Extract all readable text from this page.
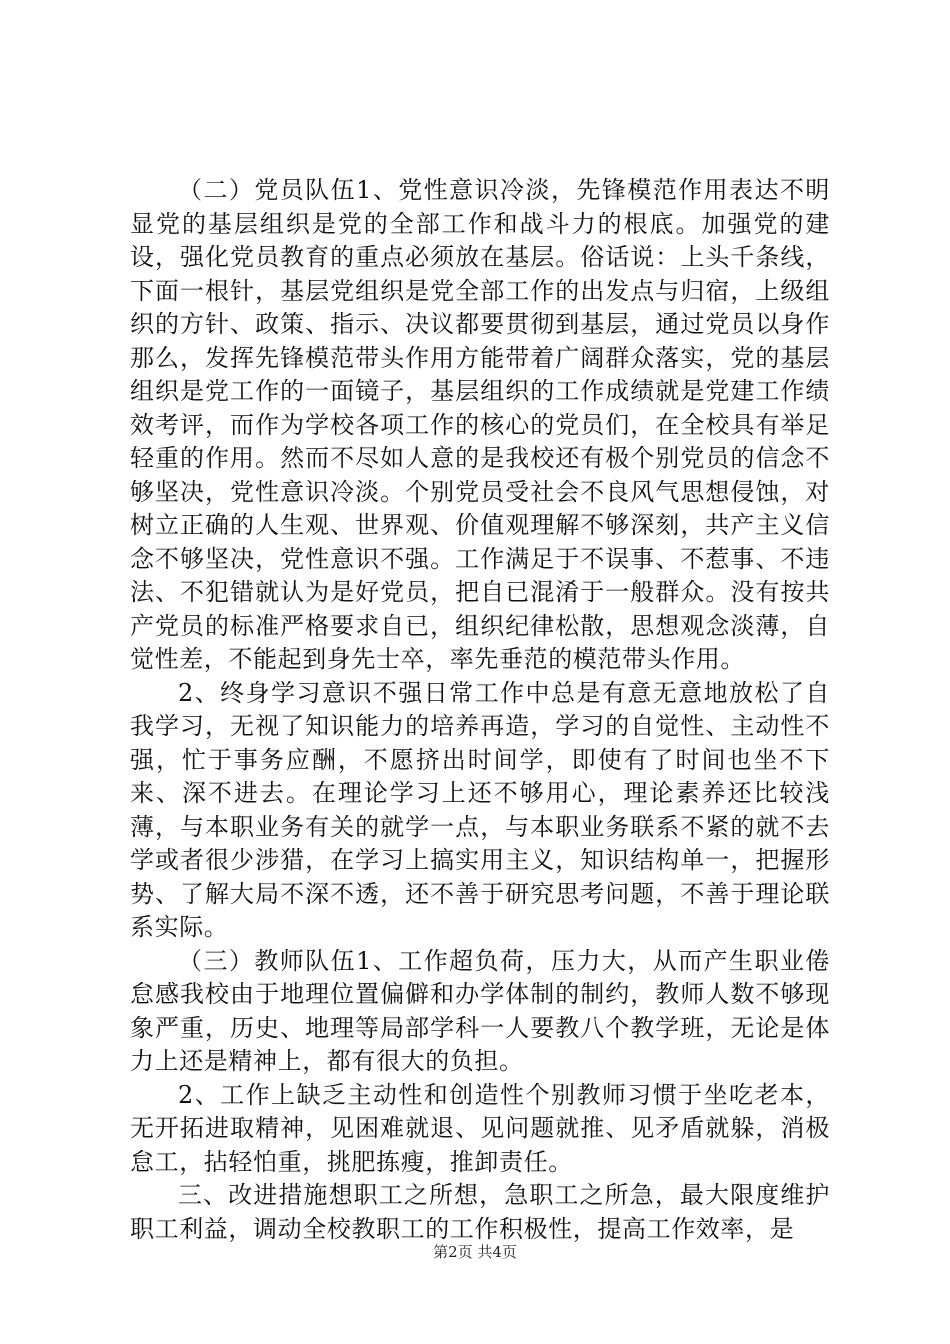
（二）党员队伍1、党性意识冷淡，先锋模范作用表达不明显党的基层组织是党的全部工作和战斗力的根底。加强党的建设，强化党员教育的重点必须放在基层。俗话说：上头千条线，下面一根针，基层党组织是党全部工作的出发点与归宿，上级组织的方针、政策、指示、决议都要贯彻到基层，通过党员以身作那么，发挥先锋模范带头作用方能带着广阔群众落实，党的基层组织是党工作的一面镜子，基层组织的工作成绩就是党建工作绩效考评，而作为学校各项工作的核心的党员们，在全校具有举足轻重的作用。然而不尽如人意的是我校还有极个别党员的信念不够坚决，党性意识冷淡。个别党员受社会不良风气思想侵蚀，对树立正确的人生观、世界观、价值观理解不够深刻，共产主义信念不够坚决，党性意识不强。工作满足于不误事、不惹事、不违法、不犯错就认为是好党员，把自已混淆于一般群众。没有按共产党员的标准严格要求自已，组织纪律松散，思想观念淡薄，自觉性差，不能起到身先士卒，率先垂范的模范带头作用。

2、终身学习意识不强日常工作中总是有意无意地放松了自我学习，无视了知识能力的培养再造，学习的自觉性、主动性不强，忙于事务应酬，不愿挤出时间学，即使有了时间也坐不下来、深不进去。在理论学习上还不够用心，理论素养还比较浅薄，与本职业务有关的就学一点，与本职业务联系不紧的就不去学或者很少涉猎，在学习上搞实用主义，知识结构单一，把握形势、了解大局不深不透，还不善于研究思考问题，不善于理论联系实际。

（三）教师队伍1、工作超负荷，压力大，从而产生职业倦怠感我校由于地理位置偏僻和办学体制的制约，教师人数不够现象严重，历史、地理等局部学科一人要教八个教学班，无论是体力上还是精神上，都有很大的负担。

2、工作上缺乏主动性和创造性个别教师习惯于坐吃老本，无开拓进取精神，见困难就退、见问题就推、见矛盾就躲，消极怠工，拈轻怕重，挑肥拣瘦，推卸责任。

三、改进措施想职工之所想，急职工之所急，最大限度维护职工利益，调动全校教职工的工作积极性，提高工作效率，是

第2页 共4页
